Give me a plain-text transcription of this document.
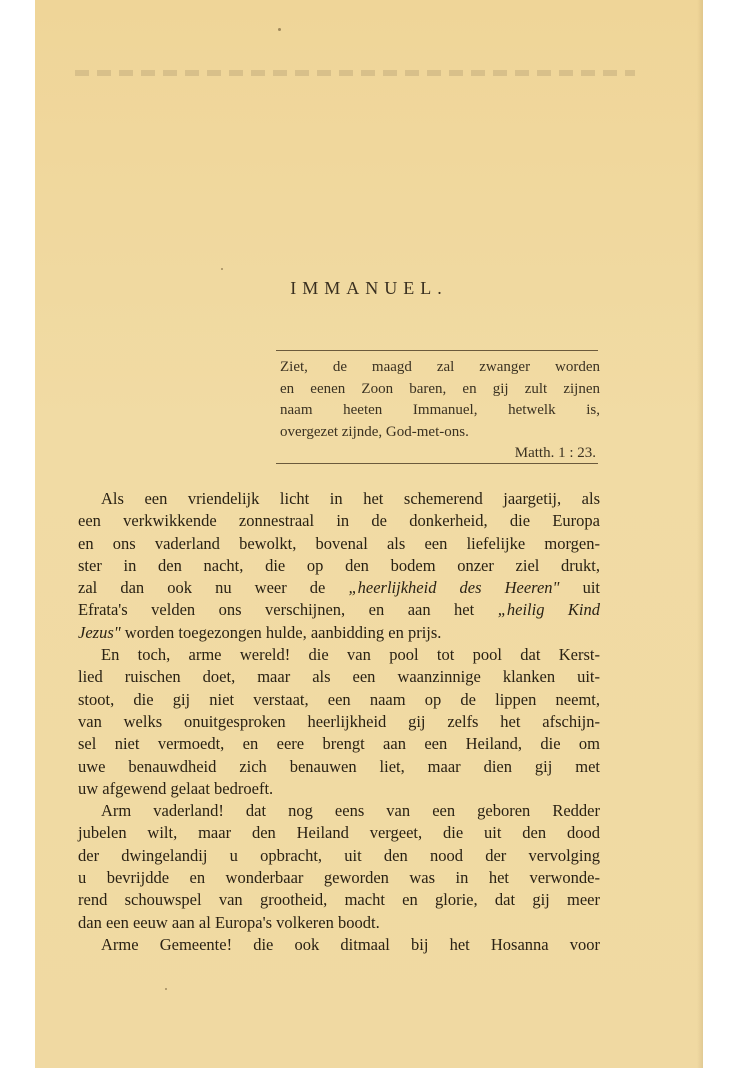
IMMANUEL.
Ziet, de maagd zal zwanger worden
en eenen Zoon baren, en gij zult zijnen
naam heeten Immanuel, hetwelk is,
overgezet zijnde, God-met-ons.
Matth. 1 : 23.
Als een vriendelijk licht in het schemerend jaargetij, als
een verkwikkende zonnestraal in de donkerheid, die Europa
en ons vaderland bewolkt, bovenal als een liefelijke morgen-
ster in den nacht, die op den bodem onzer ziel drukt,
zal dan ook nu weer de „heerlijkheid des Heeren" uit
Efrata's velden ons verschijnen, en aan het „heilig Kind
Jezus" worden toegezongen hulde, aanbidding en prijs.
En toch, arme wereld! die van pool tot pool dat Kerst-
lied ruischen doet, maar als een waanzinnige klanken uit-
stoot, die gij niet verstaat, een naam op de lippen neemt,
van welks onuitgesproken heerlijkheid gij zelfs het afschijn-
sel niet vermoedt, en eere brengt aan een Heiland, die om
uwe benauwdheid zich benauwen liet, maar dien gij met
uw afgewend gelaat bedroeft.
Arm vaderland! dat nog eens van een geboren Redder
jubelen wilt, maar den Heiland vergeet, die uit den dood
der dwingelandij u opbracht, uit den nood der vervolging
u bevrijdde en wonderbaar geworden was in het verwonde-
rend schouwspel van grootheid, macht en glorie, dat gij meer
dan een eeuw aan al Europa's volkeren boodt.
Arme Gemeente! die ook ditmaal bij het Hosanna voor
